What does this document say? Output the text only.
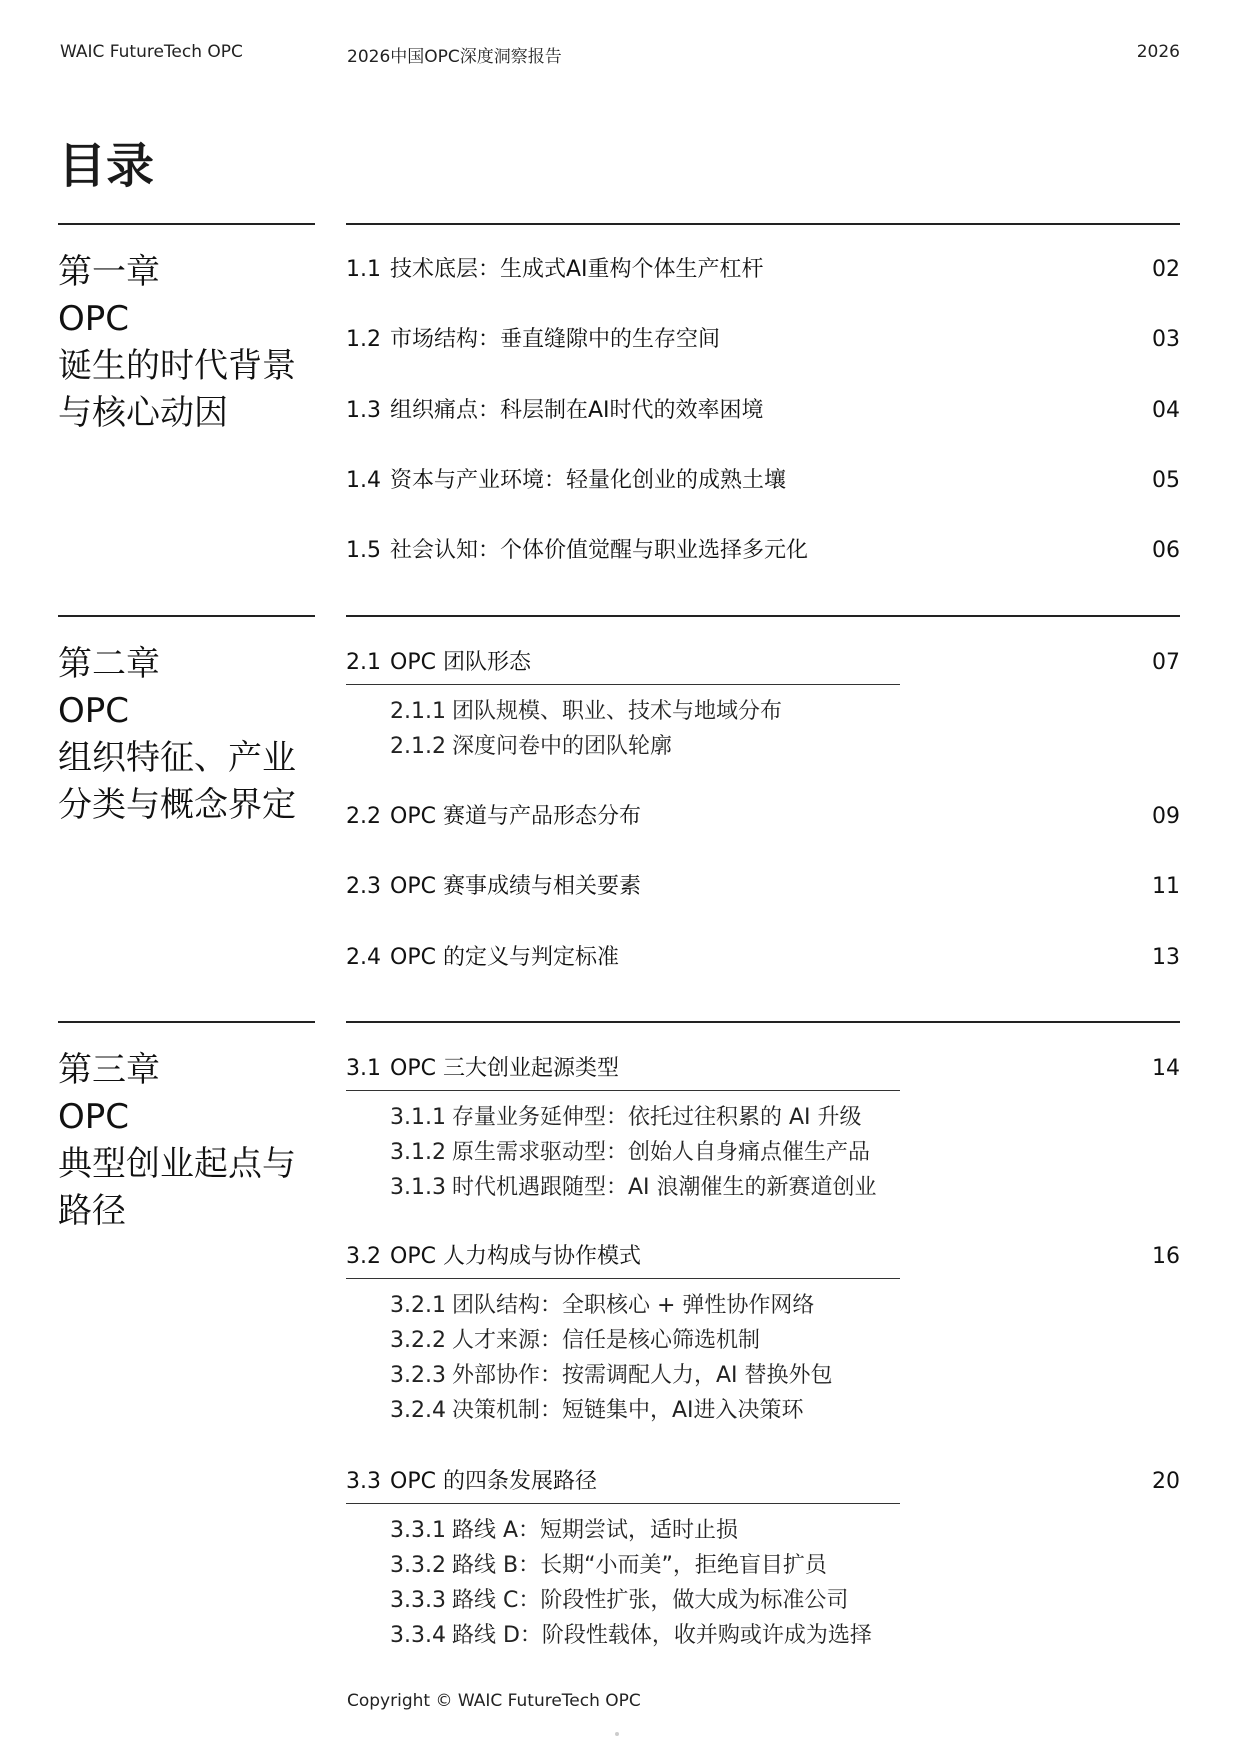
WAIC FutureTech OPC	2026中国OPC深度洞察报告	2026
目录
第一章
OPC
诞生的时代背景
与核心动因
1.1 技术底层：生成式AI重构个体生产杠杆	02
1.2 市场结构：垂直缝隙中的生存空间	03
1.3 组织痛点：科层制在AI时代的效率困境	04
1.4 资本与产业环境：轻量化创业的成熟土壤	05
1.5 社会认知：个体价值觉醒与职业选择多元化	06
第二章
OPC
组织特征、产业
分类与概念界定
2.1 OPC 团队形态	07
2.1.1 团队规模、职业、技术与地域分布
2.1.2 深度问卷中的团队轮廓
2.2 OPC 赛道与产品形态分布	09
2.3 OPC 赛事成绩与相关要素	11
2.4 OPC 的定义与判定标准	13
第三章
OPC
典型创业起点与
路径
3.1 OPC 三大创业起源类型	14
3.1.1 存量业务延伸型：依托过往积累的 AI 升级
3.1.2 原生需求驱动型：创始人自身痛点催生产品
3.1.3 时代机遇跟随型：AI 浪潮催生的新赛道创业
3.2 OPC 人力构成与协作模式	16
3.2.1 团队结构：全职核心 + 弹性协作网络
3.2.2 人才来源：信任是核心筛选机制
3.2.3 外部协作：按需调配人力，AI 替换外包
3.2.4 决策机制：短链集中，AI进入决策环
3.3 OPC 的四条发展路径	20
3.3.1 路线 A：短期尝试，适时止损
3.3.2 路线 B：长期“小而美”，拒绝盲目扩员
3.3.3 路线 C：阶段性扩张，做大成为标准公司
3.3.4 路线 D：阶段性载体，收并购或许成为选择
Copyright © WAIC FutureTech OPC
